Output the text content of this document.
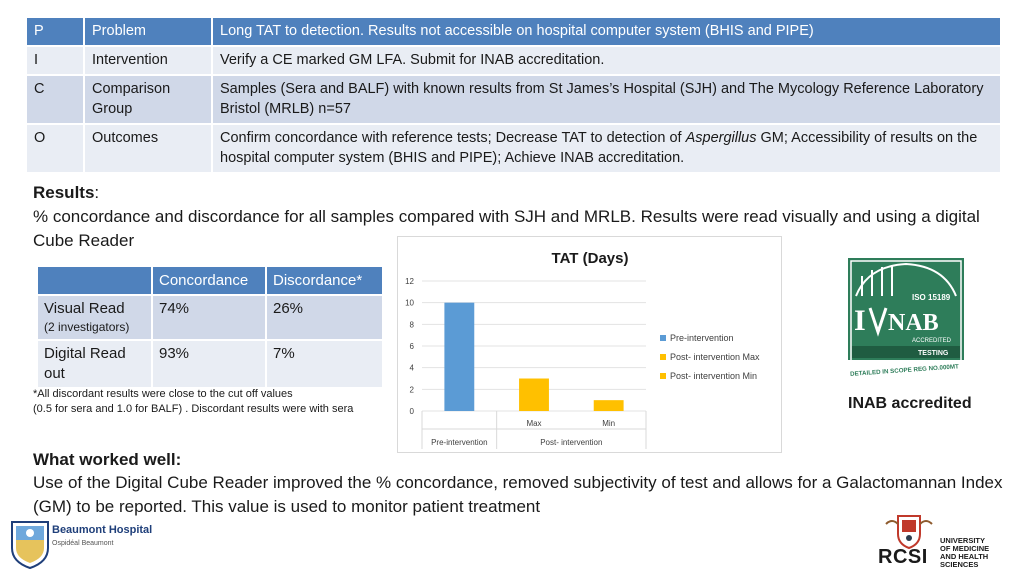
P	Problem	Long TAT to detection. Results not accessible on hospital computer system (BHIS and PIPE)
I	Intervention	Verify a CE marked GM LFA. Submit for INAB accreditation.
C	Comparison Group	Samples (Sera and BALF) with known results from St James’s Hospital (SJH) and The Mycology Reference Laboratory Bristol (MRLB) n=57
O	Outcomes	Confirm concordance with reference tests; Decrease TAT to detection of Aspergillus GM; Accessibility of results on the hospital computer system (BHIS and PIPE); Achieve INAB accreditation.
Results:
% concordance and discordance for all samples compared with SJH and MRLB. Results were read visually and using a digital Cube Reader
	Concordance	Discordance*
Visual Read
(2 investigators)	74%	26%
Digital Read out	93%	7%
*All discordant results were close to the cut off values
(0.5 for sera and 1.0 for BALF) . Discordant results were with sera
TAT (Days)
0
2
4
6
8
10
12
Max	Min
Pre-intervention	Post- intervention
Pre-intervention
Post- intervention Max
Post- intervention Min
ISO 15189
I NAB
ACCREDITED
TESTING
DETAILED IN SCOPE REG NO.000MT
INAB accredited
What worked well:
Use of the Digital Cube Reader improved the % concordance, removed subjectivity of test and allows for a Galactomannan Index (GM) to be reported. This value is used to monitor patient treatment
Beaumont Hospital
Ospidéal Beaumont
RCSI
UNIVERSITY
OF MEDICINE
AND HEALTH
SCIENCES
